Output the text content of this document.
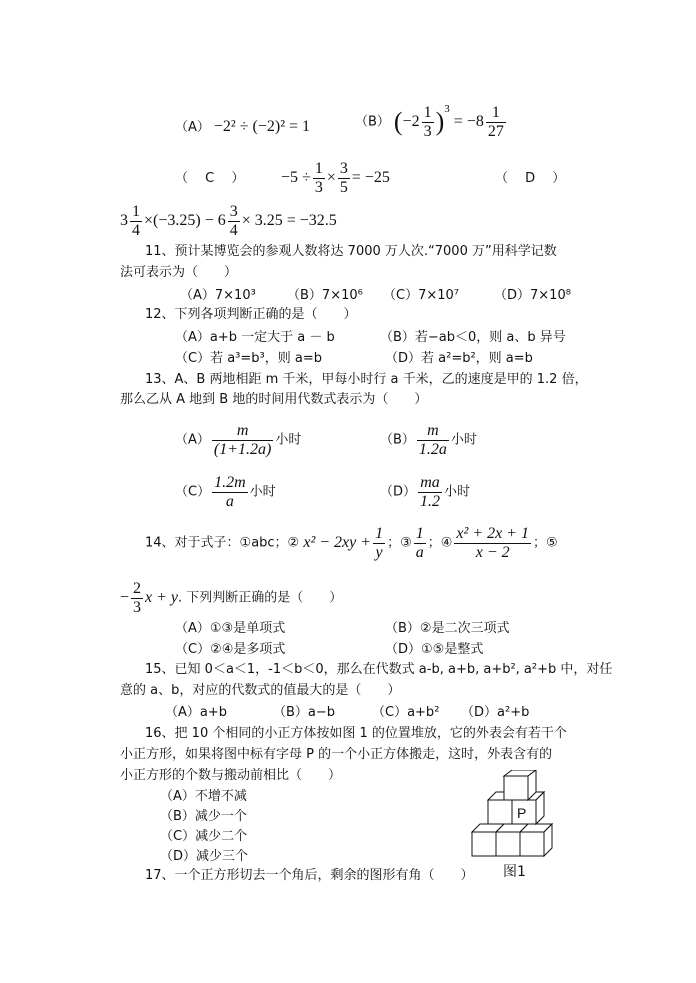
（A） −2² ÷ (−2)² = 1	（B） $(-2 \frac{1}{3} )^3 = -8 \frac{1}{27}$
（　 C　 ） $-5 \div \frac{1}{3} \times \frac{3}{5} = -25$	（　 D　 ）
$3 \frac{1}{4} \times(-3.25) - 6 \frac{3}{4} \times 3.25 = -32.5$
11、预计某博览会的参观人数将达 7000 万人次.“7000 万”用科学记数
法可表示为（　　）
（A）7×10³ （B）7×10⁶ （C）7×10⁷	（D）7×10⁸
12、下列各项判断正确的是（　　）
（A）a+b 一定大于 a － b	（B）若−ab＜0，则 a、b 异号
（C）若 a³=b³，则 a=b	（D）若 a²=b²，则 a=b
13、A、B 两地相距 m 千米，甲每小时行 a 千米，乙的速度是甲的 1.2 倍，
那么乙从 A 地到 B 地的时间用代数式表示为（　　）
$(A) \frac{m}{(1+1.2a)}$ 小时	$(B) \frac{m}{1.2a}$ 小时
$(C) \frac{1.2m}{a}$ 小时	$(D) \frac{ma}{1.2}$ 小时
14、对于式子：①abc；② $x^2 - 2xy + \frac{1}{y}$ ；③ $\frac{1}{a}$ ；④ $\frac{\text{x² + 2x + 1}}{x - 2}$ ；⑤
− $\frac{2}{3}$ x + y. 下列判断正确的是（　　）
（A）①③是单项式	（B）②是二次三项式
（C）②④是多项式	（D）①⑤是整式
15、已知 0＜a＜1，-1＜b＜0，那么在代数式 a-b, a+b, a+b², a²+b 中，对任
意的 a、b，对应的代数式的值最大的是（　　）
（A）a+b	（B）a−b	（C）a+b² （D）a²+b
16、把 10 个相同的小正方体按如图 1 的位置堆放，它的外表会有若干个
小正方形，如果将图中标有字母 P 的一个小正方体搬走，这时，外表含有的
小正方形的个数与搬动前相比（　　）
（A）不增不减
（B）减少一个
（C）减少二个
（D）减少三个
P
图1
17、一个正方形切去一个角后，剩余的图形有角（　　）
